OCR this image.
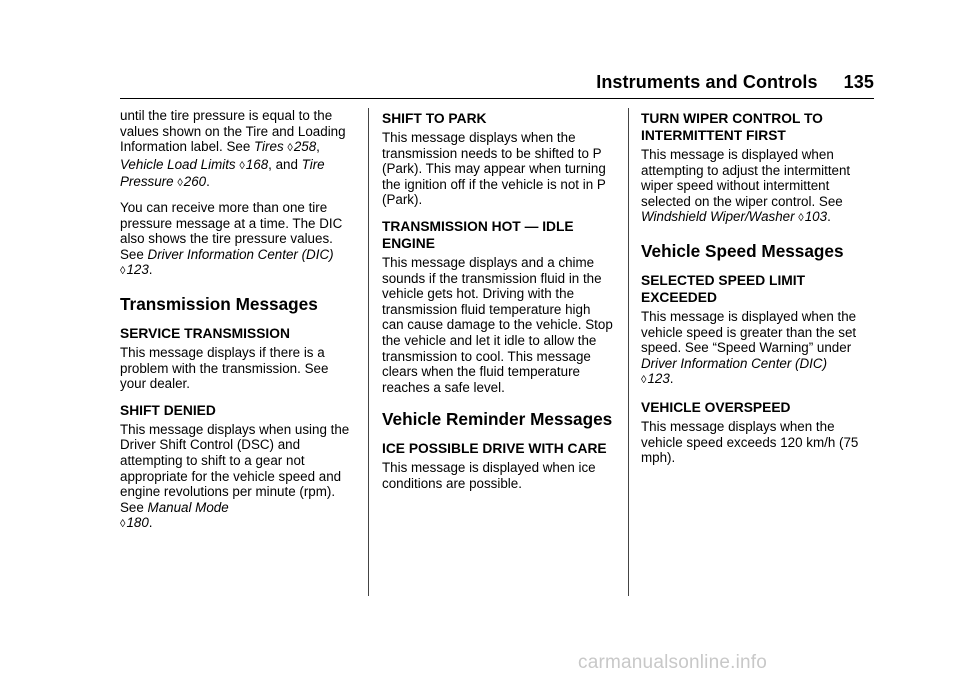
Instruments and Controls 135

until the tire pressure is equal to the values shown on the Tire and Loading Information label. See Tires ◊258, Vehicle Load Limits ◊168, and Tire Pressure ◊260.

You can receive more than one tire pressure message at a time. The DIC also shows the tire pressure values. See Driver Information Center (DIC) ◊123.

Transmission Messages
SERVICE TRANSMISSION

This message displays if there is a problem with the transmission. See your dealer.

SHIFT DENIED

This message displays when using the Driver Shift Control (DSC) and attempting to shift to a gear not appropriate for the vehicle speed and engine revolutions per minute (rpm). See Manual Mode
◊180.

SHIFT TO PARK

This message displays when the transmission needs to be shifted to P (Park). This may appear when turning the ignition off if the vehicle is not in P (Park).

TRANSMISSION HOT — IDLE ENGINE

This message displays and a chime sounds if the transmission fluid in the vehicle gets hot. Driving with the transmission fluid temperature high can cause damage to the vehicle. Stop the vehicle and let it idle to allow the transmission to cool. This message clears when the fluid temperature reaches a safe level.

Vehicle Reminder Messages
ICE POSSIBLE DRIVE WITH CARE

This message is displayed when ice conditions are possible.

TURN WIPER CONTROL TO INTERMITTENT FIRST

This message is displayed when attempting to adjust the intermittent wiper speed without intermittent selected on the wiper control. See Windshield Wiper/Washer ◊103.

Vehicle Speed Messages
SELECTED SPEED LIMIT EXCEEDED

This message is displayed when the vehicle speed is greater than the set speed. See “Speed Warning” under Driver Information Center (DIC)
◊123.

VEHICLE OVERSPEED

This message displays when the vehicle speed exceeds 120 km/h (75 mph).

carmanualsonline.info
